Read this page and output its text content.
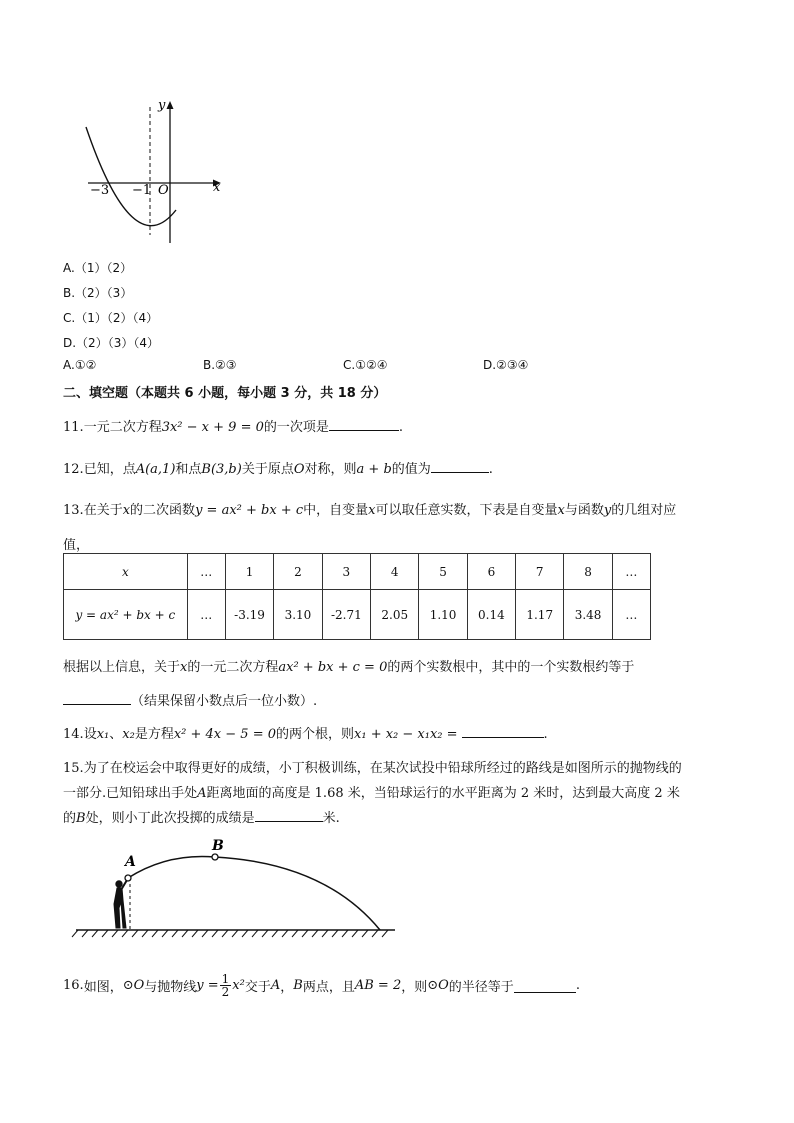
y
x
−3 −1 O
A.（1）（2）
B.（2）（3）
C.（1）（2）（4）
D.（2）（3）（4）
A.①②	B.②③	C.①②④	D.②③④
二、填空题（本题共 6 小题，每小题 3 分，共 18 分）
11.一元二次方程3x² − x + 9 = 0的一次项是	.
12.已知，点A(a,1)和点B(3,b)关于原点O对称，则a + b的值为	.
13.在关于x的二次函数y = ax² + bx + c中，自变量x可以取任意实数，下表是自变量x与函数y的几组对应
值，
x	…	1	2	3	4	5	6	7	8	…
y = ax² + bx + c	…	-3.19	3.10	-2.71	2.05	1.10	0.14	1.17	3.48	…
根据以上信息，关于x的一元二次方程ax² + bx + c = 0的两个实数根中，其中的一个实数根约等于
（结果保留小数点后一位小数）.
14.设x₁、x₂是方程x² + 4x − 5 = 0的两个根，则x₁ + x₂ − x₁x₂ =	.
15.为了在校运会中取得更好的成绩，小丁积极训练，在某次试投中铅球所经过的路线是如图所示的抛物线的
一部分.已知铅球出手处A距离地面的高度是 1.68 米，当铅球运行的水平距离为 2 米时，达到最大高度 2 米
的B处，则小丁此次投掷的成绩是	米.
A
B
16. 如图， ⊙O 与抛物线 $y = \frac{1}{2} x^2$ 交于 A ， B 两点，且 AB = 2 ，则 ⊙O 的半径等于	.
